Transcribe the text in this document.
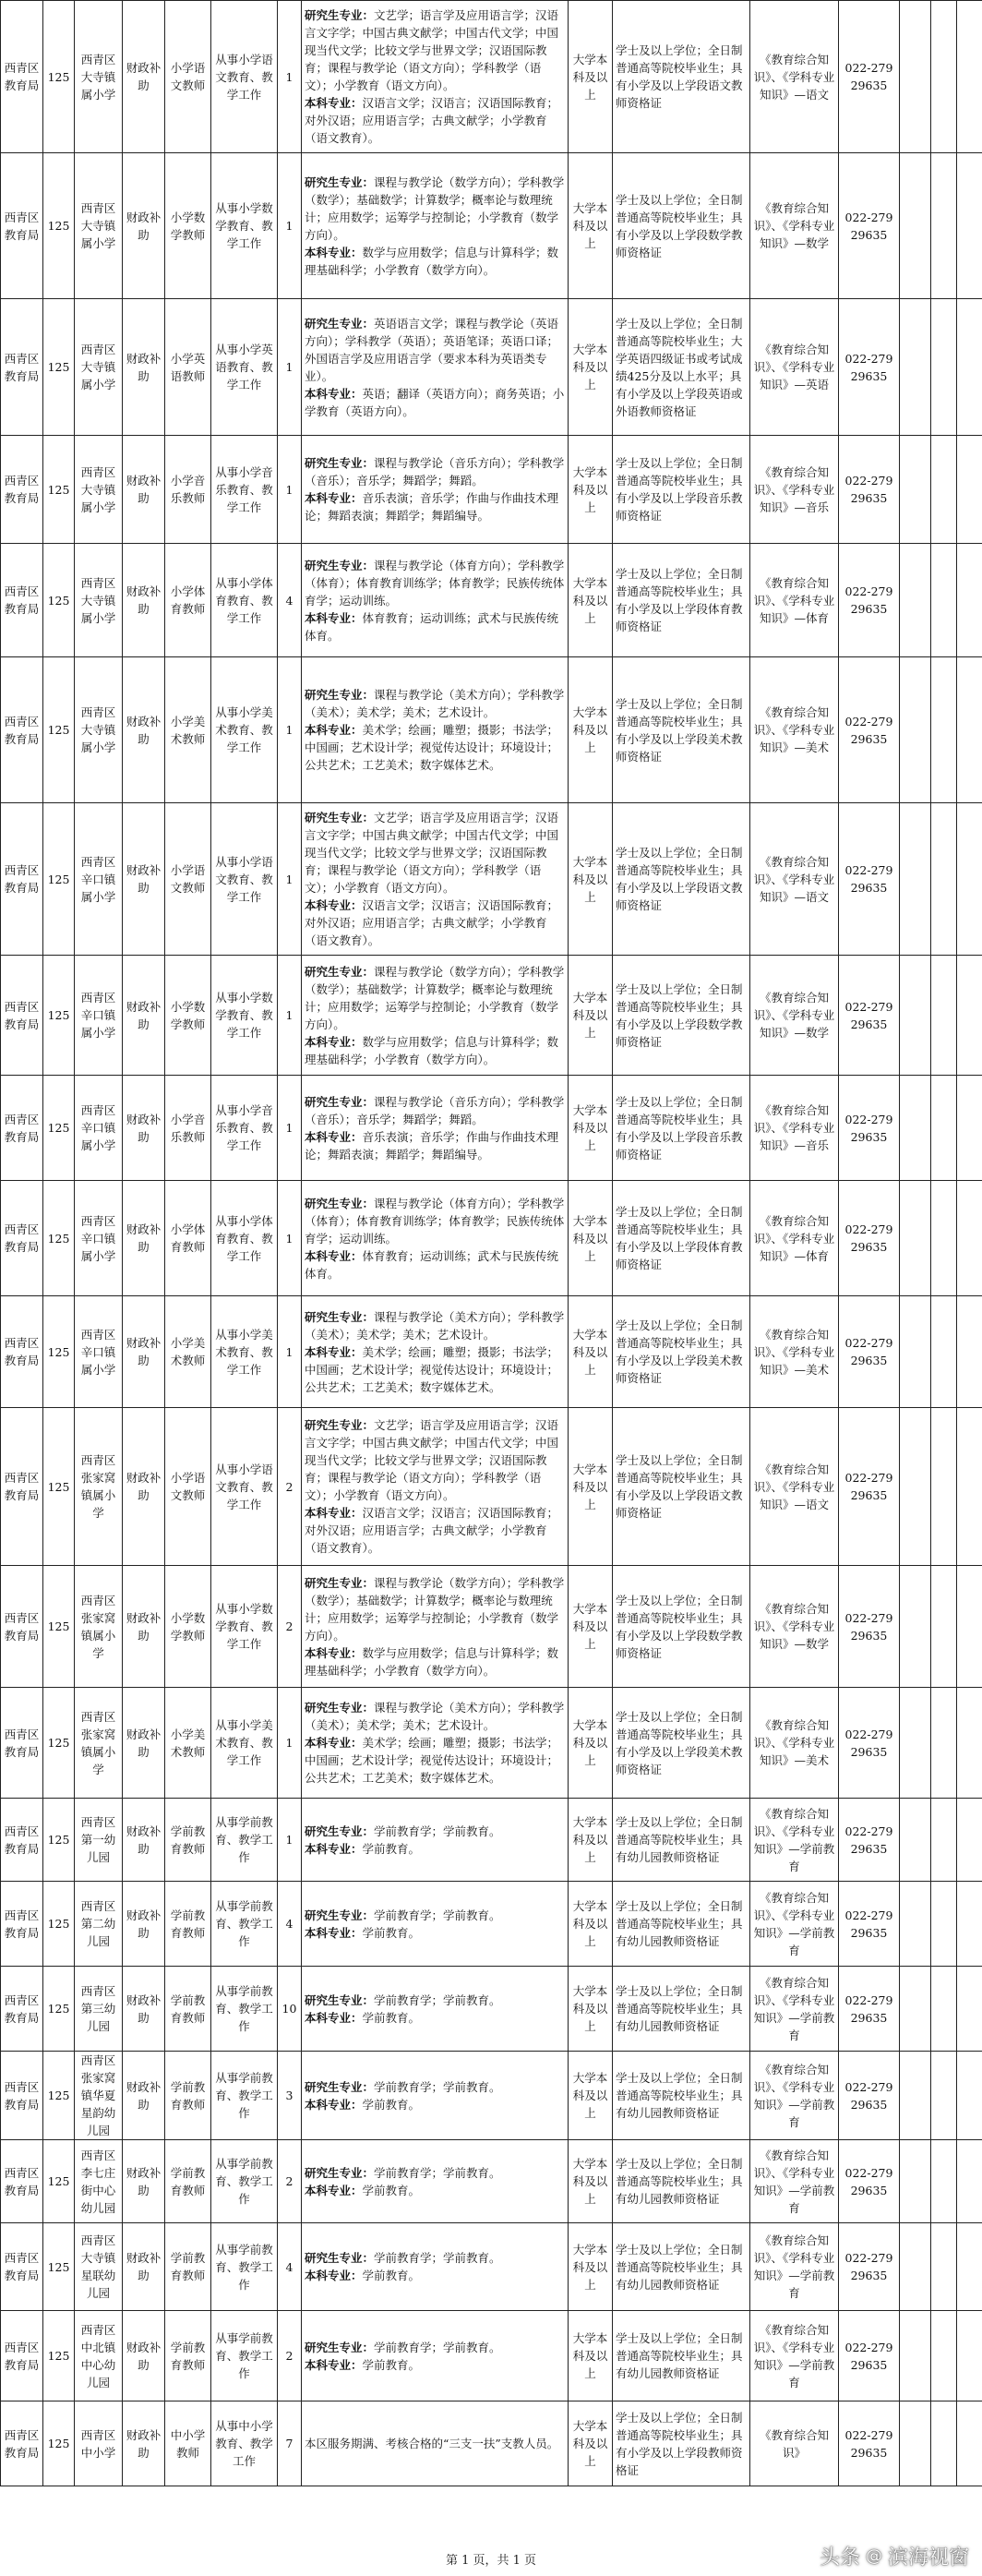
西青区教育局	125	西青区大寺镇属小学	财政补助	小学语文教师	从事小学语文教育、教学工作	1	研究生专业：文艺学；语言学及应用语言学；汉语言文字学；中国古典文献学；中国古代文学；中国现当代文学；比较文学与世界文学；汉语国际教育；课程与教学论（语文方向）；学科教学（语文）；小学教育（语文方向）。
本科专业：汉语言文学；汉语言；汉语国际教育；对外汉语；应用语言学；古典文献学；小学教育（语文教育）。	大学本科及以上	学士及以上学位；全日制普通高等院校毕业生；具有小学及以上学段语文教师资格证	《教育综合知识》、《学科专业知识》—语文	022-27929635			
西青区教育局	125	西青区大寺镇属小学	财政补助	小学数学教师	从事小学数学教育、教学工作	1	研究生专业：课程与教学论（数学方向）；学科教学（数学）；基础数学；计算数学；概率论与数理统计；应用数学；运筹学与控制论；小学教育（数学方向）。
本科专业：数学与应用数学；信息与计算科学；数理基础科学；小学教育（数学方向）。	大学本科及以上	学士及以上学位；全日制普通高等院校毕业生；具有小学及以上学段数学教师资格证	《教育综合知识》、《学科专业知识》—数学	022-27929635			
西青区教育局	125	西青区大寺镇属小学	财政补助	小学英语教师	从事小学英语教育、教学工作	1	研究生专业：英语语言文学；课程与教学论（英语方向）；学科教学（英语）；英语笔译；英语口译；外国语言学及应用语言学（要求本科为英语类专业）。
本科专业：英语；翻译（英语方向）；商务英语；小学教育（英语方向）。	大学本科及以上	学士及以上学位；全日制普通高等院校毕业生；大学英语四级证书或考试成绩425分及以上水平；具有小学及以上学段英语或外语教师资格证	《教育综合知识》、《学科专业知识》—英语	022-27929635			
西青区教育局	125	西青区大寺镇属小学	财政补助	小学音乐教师	从事小学音乐教育、教学工作	1	研究生专业：课程与教学论（音乐方向）；学科教学（音乐）；音乐学；舞蹈学；舞蹈。
本科专业：音乐表演；音乐学；作曲与作曲技术理论；舞蹈表演；舞蹈学；舞蹈编导。	大学本科及以上	学士及以上学位；全日制普通高等院校毕业生；具有小学及以上学段音乐教师资格证	《教育综合知识》、《学科专业知识》—音乐	022-27929635			
西青区教育局	125	西青区大寺镇属小学	财政补助	小学体育教师	从事小学体育教育、教学工作	4	研究生专业：课程与教学论（体育方向）；学科教学（体育）；体育教育训练学；体育教学；民族传统体育学；运动训练。
本科专业：体育教育；运动训练；武术与民族传统体育。	大学本科及以上	学士及以上学位；全日制普通高等院校毕业生；具有小学及以上学段体育教师资格证	《教育综合知识》、《学科专业知识》—体育	022-27929635			
西青区教育局	125	西青区大寺镇属小学	财政补助	小学美术教师	从事小学美术教育、教学工作	1	研究生专业：课程与教学论（美术方向）；学科教学（美术）；美术学；美术；艺术设计。
本科专业：美术学；绘画；雕塑；摄影；书法学；中国画；艺术设计学；视觉传达设计；环境设计；公共艺术；工艺美术；数字媒体艺术。	大学本科及以上	学士及以上学位；全日制普通高等院校毕业生；具有小学及以上学段美术教师资格证	《教育综合知识》、《学科专业知识》—美术	022-27929635			
西青区教育局	125	西青区辛口镇属小学	财政补助	小学语文教师	从事小学语文教育、教学工作	1	研究生专业：文艺学；语言学及应用语言学；汉语言文字学；中国古典文献学；中国古代文学；中国现当代文学；比较文学与世界文学；汉语国际教育；课程与教学论（语文方向）；学科教学（语文）；小学教育（语文方向）。
本科专业：汉语言文学；汉语言；汉语国际教育；对外汉语；应用语言学；古典文献学；小学教育（语文教育）。	大学本科及以上	学士及以上学位；全日制普通高等院校毕业生；具有小学及以上学段语文教师资格证	《教育综合知识》、《学科专业知识》—语文	022-27929635			
西青区教育局	125	西青区辛口镇属小学	财政补助	小学数学教师	从事小学数学教育、教学工作	1	研究生专业：课程与教学论（数学方向）；学科教学（数学）；基础数学；计算数学；概率论与数理统计；应用数学；运筹学与控制论；小学教育（数学方向）。
本科专业：数学与应用数学；信息与计算科学；数理基础科学；小学教育（数学方向）。	大学本科及以上	学士及以上学位；全日制普通高等院校毕业生；具有小学及以上学段数学教师资格证	《教育综合知识》、《学科专业知识》—数学	022-27929635			
西青区教育局	125	西青区辛口镇属小学	财政补助	小学音乐教师	从事小学音乐教育、教学工作	1	研究生专业：课程与教学论（音乐方向）；学科教学（音乐）；音乐学；舞蹈学；舞蹈。
本科专业：音乐表演；音乐学；作曲与作曲技术理论；舞蹈表演；舞蹈学；舞蹈编导。	大学本科及以上	学士及以上学位；全日制普通高等院校毕业生；具有小学及以上学段音乐教师资格证	《教育综合知识》、《学科专业知识》—音乐	022-27929635			
西青区教育局	125	西青区辛口镇属小学	财政补助	小学体育教师	从事小学体育教育、教学工作	1	研究生专业：课程与教学论（体育方向）；学科教学（体育）；体育教育训练学；体育教学；民族传统体育学；运动训练。
本科专业：体育教育；运动训练；武术与民族传统体育。	大学本科及以上	学士及以上学位；全日制普通高等院校毕业生；具有小学及以上学段体育教师资格证	《教育综合知识》、《学科专业知识》—体育	022-27929635			
西青区教育局	125	西青区辛口镇属小学	财政补助	小学美术教师	从事小学美术教育、教学工作	1	研究生专业：课程与教学论（美术方向）；学科教学（美术）；美术学；美术；艺术设计。
本科专业：美术学；绘画；雕塑；摄影；书法学；中国画；艺术设计学；视觉传达设计；环境设计；公共艺术；工艺美术；数字媒体艺术。	大学本科及以上	学士及以上学位；全日制普通高等院校毕业生；具有小学及以上学段美术教师资格证	《教育综合知识》、《学科专业知识》—美术	022-27929635			
西青区教育局	125	西青区张家窝镇属小学	财政补助	小学语文教师	从事小学语文教育、教学工作	2	研究生专业：文艺学；语言学及应用语言学；汉语言文字学；中国古典文献学；中国古代文学；中国现当代文学；比较文学与世界文学；汉语国际教育；课程与教学论（语文方向）；学科教学（语文）；小学教育（语文方向）。
本科专业：汉语言文学；汉语言；汉语国际教育；对外汉语；应用语言学；古典文献学；小学教育（语文教育）。	大学本科及以上	学士及以上学位；全日制普通高等院校毕业生；具有小学及以上学段语文教师资格证	《教育综合知识》、《学科专业知识》—语文	022-27929635			
西青区教育局	125	西青区张家窝镇属小学	财政补助	小学数学教师	从事小学数学教育、教学工作	2	研究生专业：课程与教学论（数学方向）；学科教学（数学）；基础数学；计算数学；概率论与数理统计；应用数学；运筹学与控制论；小学教育（数学方向）。
本科专业：数学与应用数学；信息与计算科学；数理基础科学；小学教育（数学方向）。	大学本科及以上	学士及以上学位；全日制普通高等院校毕业生；具有小学及以上学段数学教师资格证	《教育综合知识》、《学科专业知识》—数学	022-27929635			
西青区教育局	125	西青区张家窝镇属小学	财政补助	小学美术教师	从事小学美术教育、教学工作	1	研究生专业：课程与教学论（美术方向）；学科教学（美术）；美术学；美术；艺术设计。
本科专业：美术学；绘画；雕塑；摄影；书法学；中国画；艺术设计学；视觉传达设计；环境设计；公共艺术；工艺美术；数字媒体艺术。	大学本科及以上	学士及以上学位；全日制普通高等院校毕业生；具有小学及以上学段美术教师资格证	《教育综合知识》、《学科专业知识》—美术	022-27929635			
西青区教育局	125	西青区第一幼儿园	财政补助	学前教育教师	从事学前教育、教学工作	1	研究生专业：学前教育学；学前教育。
本科专业：学前教育。	大学本科及以上	学士及以上学位；全日制普通高等院校毕业生；具有幼儿园教师资格证	《教育综合知识》、《学科专业知识》—学前教育	022-27929635			
西青区教育局	125	西青区第二幼儿园	财政补助	学前教育教师	从事学前教育、教学工作	4	研究生专业：学前教育学；学前教育。
本科专业：学前教育。	大学本科及以上	学士及以上学位；全日制普通高等院校毕业生；具有幼儿园教师资格证	《教育综合知识》、《学科专业知识》—学前教育	022-27929635			
西青区教育局	125	西青区第三幼儿园	财政补助	学前教育教师	从事学前教育、教学工作	10	研究生专业：学前教育学；学前教育。
本科专业：学前教育。	大学本科及以上	学士及以上学位；全日制普通高等院校毕业生；具有幼儿园教师资格证	《教育综合知识》、《学科专业知识》—学前教育	022-27929635			
西青区教育局	125	西青区张家窝镇华夏星韵幼儿园	财政补助	学前教育教师	从事学前教育、教学工作	3	研究生专业：学前教育学；学前教育。
本科专业：学前教育。	大学本科及以上	学士及以上学位；全日制普通高等院校毕业生；具有幼儿园教师资格证	《教育综合知识》、《学科专业知识》—学前教育	022-27929635			
西青区教育局	125	西青区李七庄街中心幼儿园	财政补助	学前教育教师	从事学前教育、教学工作	2	研究生专业：学前教育学；学前教育。
本科专业：学前教育。	大学本科及以上	学士及以上学位；全日制普通高等院校毕业生；具有幼儿园教师资格证	《教育综合知识》、《学科专业知识》—学前教育	022-27929635			
西青区教育局	125	西青区大寺镇星联幼儿园	财政补助	学前教育教师	从事学前教育、教学工作	4	研究生专业：学前教育学；学前教育。
本科专业：学前教育。	大学本科及以上	学士及以上学位；全日制普通高等院校毕业生；具有幼儿园教师资格证	《教育综合知识》、《学科专业知识》—学前教育	022-27929635			
西青区教育局	125	西青区中北镇中心幼儿园	财政补助	学前教育教师	从事学前教育、教学工作	2	研究生专业：学前教育学；学前教育。
本科专业：学前教育。	大学本科及以上	学士及以上学位；全日制普通高等院校毕业生；具有幼儿园教师资格证	《教育综合知识》、《学科专业知识》—学前教育	022-27929635			
西青区教育局	125	西青区中小学	财政补助	中小学教师	从事中小学教育、教学工作	7	本区服务期满、考核合格的“三支一扶”支教人员。	大学本科及以上	学士及以上学位；全日制普通高等院校毕业生；具有小学及以上学段教师资格证	《教育综合知识》	022-27929635			
第 1 页，共 1 页	头条 @ 滨海视窗
